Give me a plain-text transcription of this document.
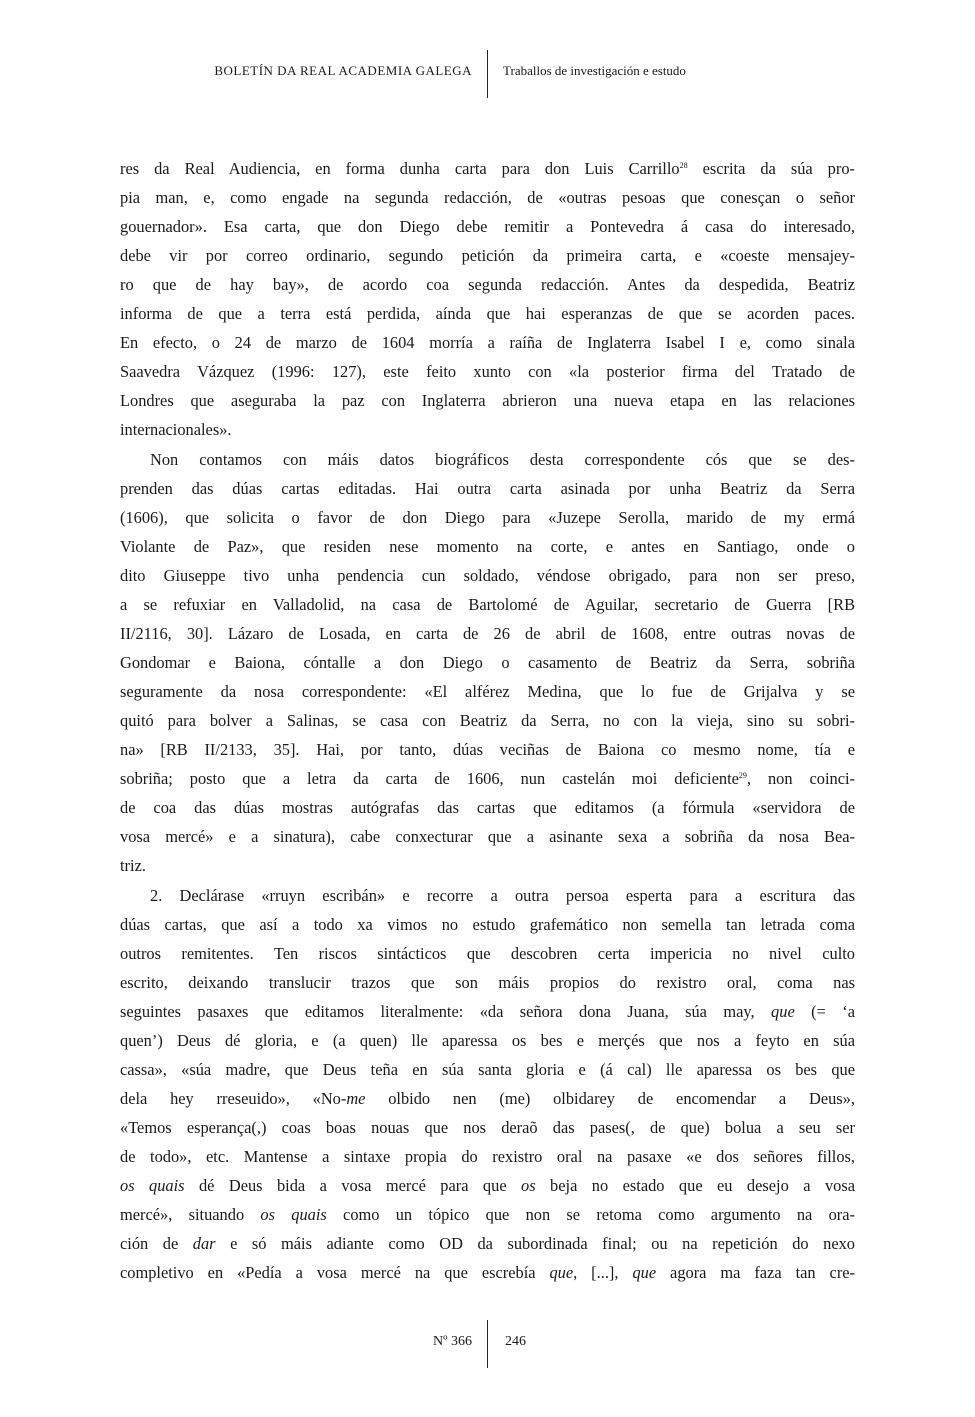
BOLETÍN DA REAL ACADEMIA GALEGA Traballos de investigación e estudo
res da Real Audiencia, en forma dunha carta para don Luis Carrillo$^{28}$ escrita da súa pro-
pia man, e, como engade na segunda redacción, de «outras pesoas que conesçan o señor
gouernador». Esa carta, que don Diego debe remitir a Pontevedra á casa do interesado,
debe vir por correo ordinario, segundo petición da primeira carta, e «coeste mensajey-
ro que de hay bay», de acordo coa segunda redacción. Antes da despedida, Beatriz
informa de que a terra está perdida, aínda que hai esperanzas de que se acorden paces.
En efecto, o 24 de marzo de 1604 morría a raíña de Inglaterra Isabel I e, como sinala
Saavedra Vázquez (1996: 127), este feito xunto con «la posterior firma del Tratado de
Londres que aseguraba la paz con Inglaterra abrieron una nueva etapa en las relaciones
internacionales».
Non contamos con máis datos biográficos desta correspondente cós que se des-
prenden das dúas cartas editadas. Hai outra carta asinada por unha Beatriz da Serra
(1606), que solicita o favor de don Diego para «Juzepe Serolla, marido de my ermá
Violante de Paz», que residen nese momento na corte, e antes en Santiago, onde o
dito Giuseppe tivo unha pendencia cun soldado, véndose obrigado, para non ser preso,
a se refuxiar en Valladolid, na casa de Bartolomé de Aguilar, secretario de Guerra [RB
II/2116, 30]. Lázaro de Losada, en carta de 26 de abril de 1608, entre outras novas de
Gondomar e Baiona, cóntalle a don Diego o casamento de Beatriz da Serra, sobriña
seguramente da nosa correspondente: «El alférez Medina, que lo fue de Grijalva y se
quitó para bolver a Salinas, se casa con Beatriz da Serra, no con la vieja, sino su sobri-
na» [RB II/2133, 35]. Hai, por tanto, dúas veciñas de Baiona co mesmo nome, tía e
sobriña; posto que a letra da carta de 1606, nun castelán moi deficiente$^{29}$, non coinci-
de coa das dúas mostras autógrafas das cartas que editamos (a fórmula «servidora de
vosa mercé» e a sinatura), cabe conxecturar que a asinante sexa a sobriña da nosa Bea-
triz.
2. Declárase «rruyn escribán» e recorre a outra persoa esperta para a escritura das
dúas cartas, que así a todo xa vimos no estudo grafemático non semella tan letrada coma
outros remitentes. Ten riscos sintácticos que descobren certa impericia no nivel culto
escrito, deixando translucir trazos que son máis propios do rexistro oral, coma nas
seguintes pasaxes que editamos literalmente: «da señora dona Juana, súa may, que (= ‘a
quen’) Deus dé gloria, e (a quen) lle aparessa os bes e merçés que nos a feyto en súa
cassa», «súa madre, que Deus teña en súa santa gloria e (á cal) lle aparessa os bes que
dela hey rreseuido», «No-me olbido nen (me) olbidarey de encomendar a Deus»,
«Temos esperança(,) coas boas nouas que nos deraõ das pases(, de que) bolua a seu ser
de todo», etc. Mantense a sintaxe propia do rexistro oral na pasaxe «e dos señores fillos,
os quais dé Deus bida a vosa mercé para que os beja no estado que eu desejo a vosa
mercé», situando os quais como un tópico que non se retoma como argumento na ora-
ción de dar e só máis adiante como OD da subordinada final; ou na repetición do nexo
completivo en «Pedía a vosa mercé na que escrebía que, [...], que agora ma faza tan cre-
Nº 366 246
